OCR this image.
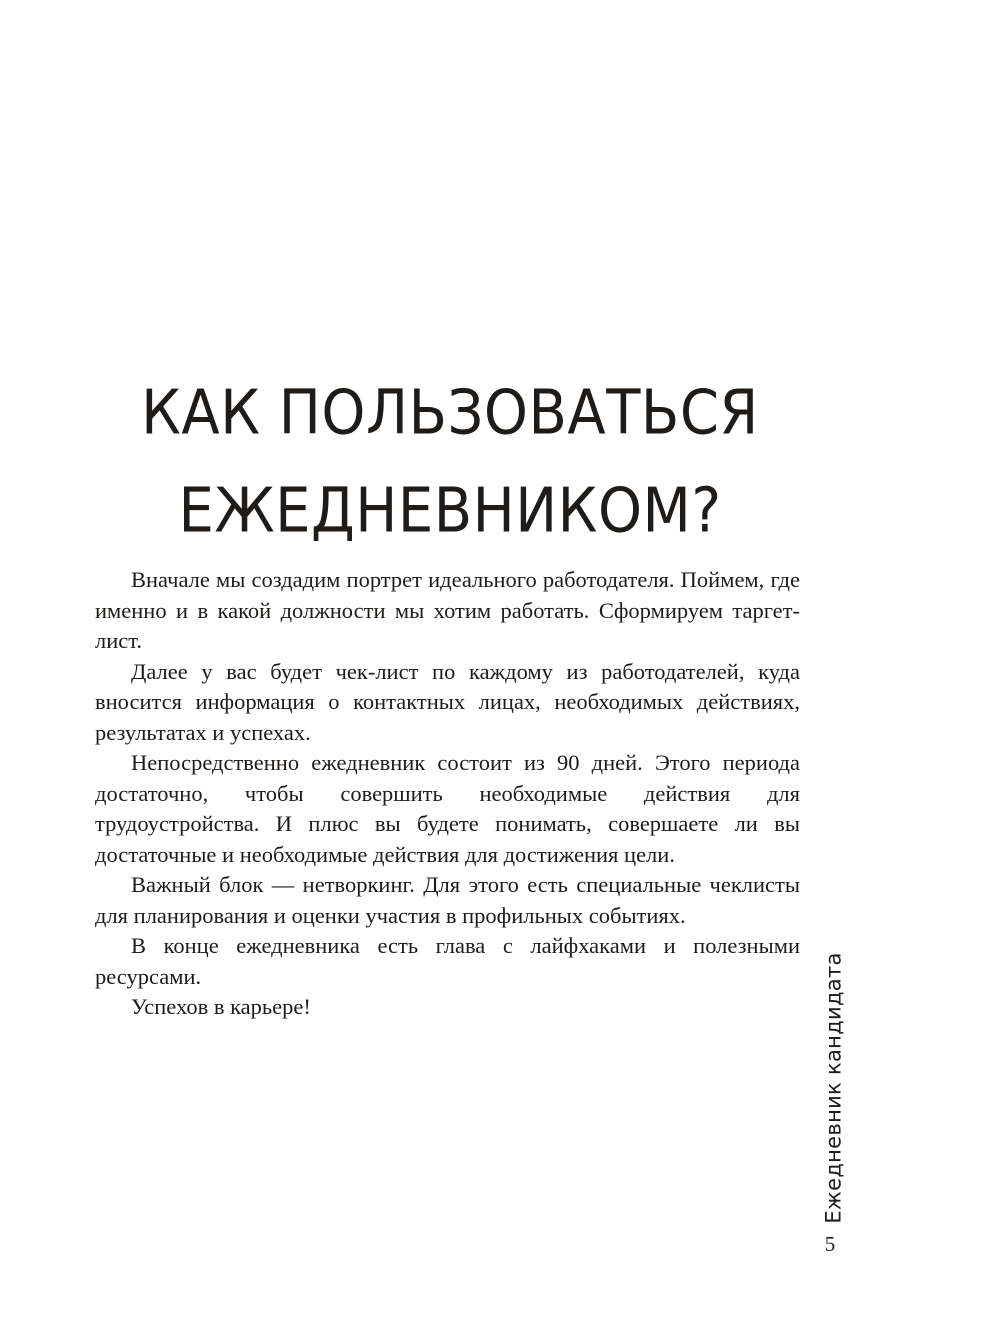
КАК ПОЛЬЗОВАТЬСЯ
ЕЖЕДНЕВНИКОМ?

Вначале мы создадим портрет идеального работодателя. Поймем, где именно и в какой должности мы хотим работать. Сформируем таргет-лист.

Далее у вас будет чек-лист по каждому из работодателей, куда вносится информация о контактных лицах, необходимых действиях, результатах и успехах.

Непосредственно ежедневник состоит из 90 дней. Этого периода достаточно, чтобы совершить необходимые действия для трудоустройства. И плюс вы будете понимать, совершаете ли вы достаточные и необходимые действия для достижения цели.

Важный блок — нетворкинг. Для этого есть специальные чеклисты для планирования и оценки участия в профильных событиях.

В конце ежедневника есть глава с лайфхаками и полезными ресурсами.

Успехов в карьере!	Ежедневник кандидата
5
